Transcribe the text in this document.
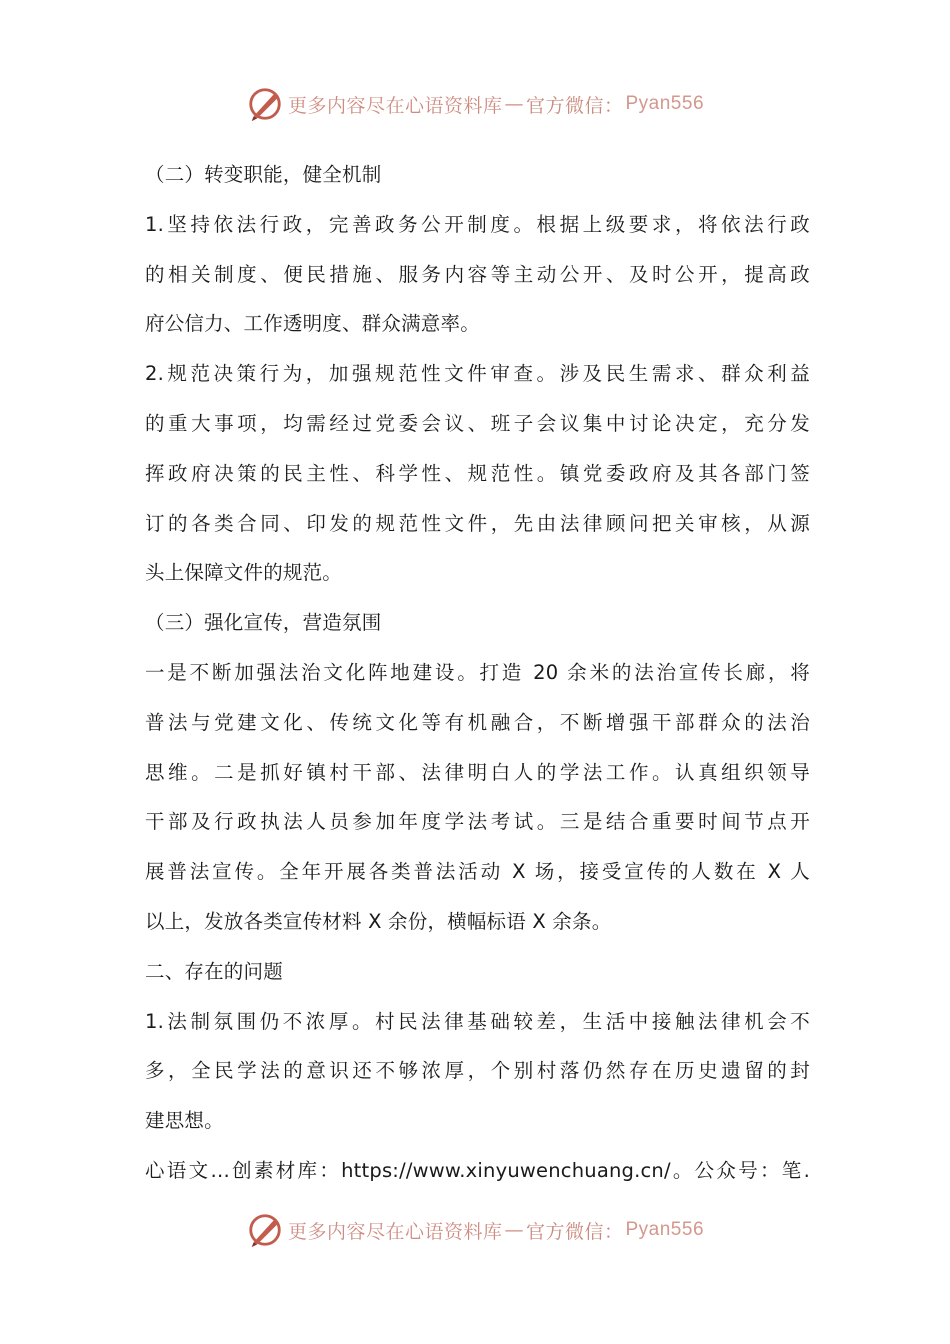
更多内容尽在心语资料库 — 官方微信： Pyan556
（二）转变职能，健全机制
1.坚持依法行政，完善政务公开制度。根据上级要求，将依法行政
的相关制度、便民措施、服务内容等主动公开、及时公开，提高政
府公信力、工作透明度、群众满意率。
2.规范决策行为，加强规范性文件审查。涉及民生需求、群众利益
的重大事项，均需经过党委会议、班子会议集中讨论决定，充分发
挥政府决策的民主性、科学性、规范性。镇党委政府及其各部门签
订的各类合同、印发的规范性文件，先由法律顾问把关审核，从源
头上保障文件的规范。
（三）强化宣传，营造氛围
一是不断加强法治文化阵地建设。打造 20 余米的法治宣传长廊，将
普法与党建文化、传统文化等有机融合，不断增强干部群众的法治
思维。二是抓好镇村干部、法律明白人的学法工作。认真组织领导
干部及行政执法人员参加年度学法考试。三是结合重要时间节点开
展普法宣传。全年开展各类普法活动 X 场，接受宣传的人数在 X 人
以上，发放各类宣传材料 X 余份，横幅标语 X 余条。
二、存在的问题
1.法制氛围仍不浓厚。村民法律基础较差，生活中接触法律机会不
多，全民学法的意识还不够浓厚，个别村落仍然存在历史遗留的封
建思想。
心语文…创素材库：https://www.xinyuwenchuang.cn/。公众号：笔.
更多内容尽在心语资料库 — 官方微信： Pyan556
